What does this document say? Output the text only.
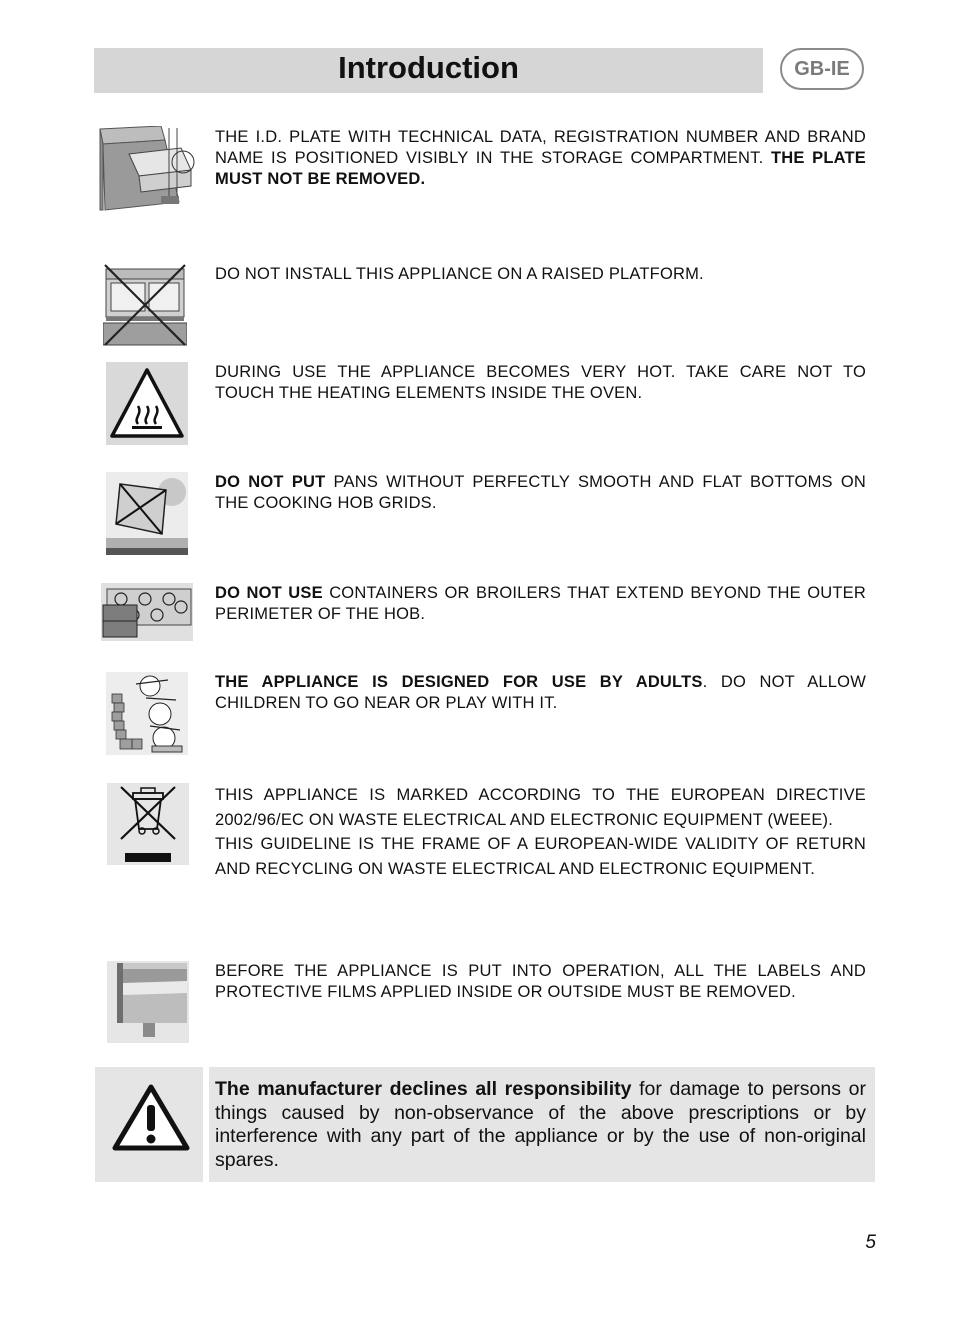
Introduction	GB-IE

THE I.D. PLATE WITH TECHNICAL DATA, REGISTRATION NUMBER AND BRAND NAME IS POSITIONED VISIBLY IN THE STORAGE COMPARTMENT. THE PLATE MUST NOT BE REMOVED.

DO NOT INSTALL THIS APPLIANCE ON A RAISED PLATFORM.

DURING USE THE APPLIANCE BECOMES VERY HOT. TAKE CARE NOT TO TOUCH THE HEATING ELEMENTS INSIDE THE OVEN.

DO NOT PUT PANS WITHOUT PERFECTLY SMOOTH AND FLAT BOTTOMS ON THE COOKING HOB GRIDS.

DO NOT USE CONTAINERS OR BROILERS THAT EXTEND BEYOND THE OUTER PERIMETER OF THE HOB.

THE APPLIANCE IS DESIGNED FOR USE BY ADULTS. DO NOT ALLOW CHILDREN TO GO NEAR OR PLAY WITH IT.

THIS APPLIANCE IS MARKED ACCORDING TO THE EUROPEAN DIRECTIVE 2002/96/EC ON WASTE ELECTRICAL AND ELECTRONIC EQUIPMENT (WEEE).

THIS GUIDELINE IS THE FRAME OF A EUROPEAN-WIDE VALIDITY OF RETURN AND RECYCLING ON WASTE ELECTRICAL AND ELECTRONIC EQUIPMENT.

BEFORE THE APPLIANCE IS PUT INTO OPERATION, ALL THE LABELS AND PROTECTIVE FILMS APPLIED INSIDE OR OUTSIDE MUST BE REMOVED.

The manufacturer declines all responsibility for damage to persons or things caused by non-observance of the above prescriptions or by interference with any part of the appliance or by the use of non-original spares.
5
